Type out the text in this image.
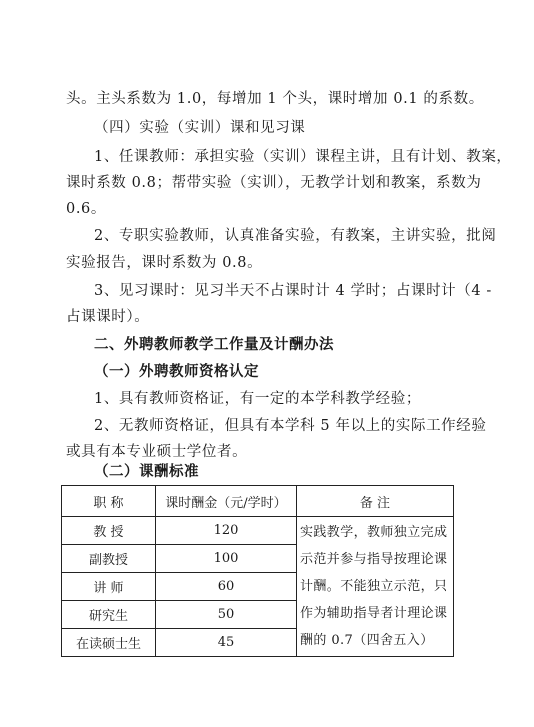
头。主头系数为 1.0，每增加 1 个头，课时增加 0.1 的系数。
（四）实验（实训）课和见习课
1、任课教师：承担实验（实训）课程主讲，且有计划、教案，
课时系数 0.8；帮带实验（实训），无教学计划和教案，系数为
0.6。
2、专职实验教师，认真准备实验，有教案，主讲实验，批阅
实验报告，课时系数为 0.8。
3、见习课时：见习半天不占课时计 4 学时；占课时计（4 -
占课课时）。
二、外聘教师教学工作量及计酬办法
（一）外聘教师资格认定
1、具有教师资格证，有一定的本学科教学经验；
2、无教师资格证，但具有本学科 5 年以上的实际工作经验
或具有本专业硕士学位者。
（二）课酬标准
职 称	课时酬金（元/学时）	备 注
教 授	120	实践教学，教师独立完成示范并参与指导按理论课计酬。不能独立示范，只作为辅助指导者计理论课酬的 0.7（四舍五入）

副教授	100	
讲 师	60	
研究生	50	
在读硕士生	45	
